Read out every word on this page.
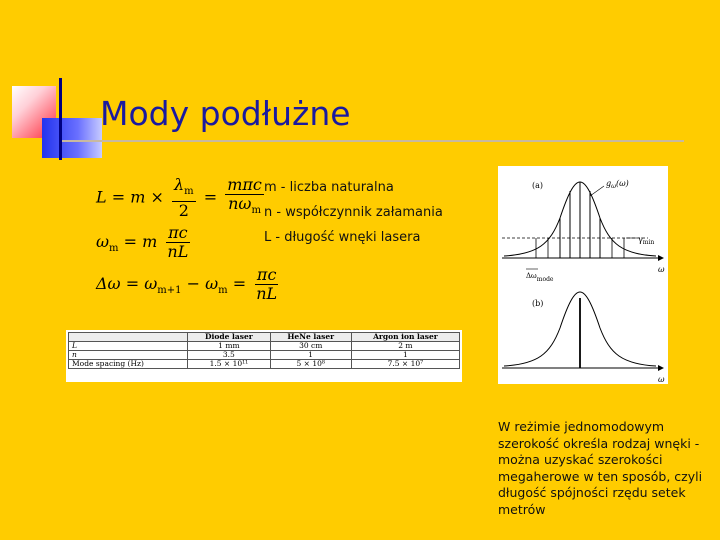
Mody podłużne
$L = m \times \frac{\lambda_m}{2} = \frac{\text{mπc}}{n\omega_m}$
$\omega_m = m \frac{\pi c}{nL}$
$\Delta\omega = \omega_{m+1} - \omega_m = \frac{\pi c}{nL}$
m - liczba naturalna
n - współczynnik załamania
L - długość wnęki lasera
	Diode laser	HeNe laser	Argon ion laser
L	1 mm	30 cm	2 m
n	3.5	1	1
Mode spacing (Hz)	1.5 × 10¹¹	5 × 10⁸	7.5 × 10⁷
(a)	$g_\omega(\omega)$
$\gamma_{min}$
Δωmode
ω
(b)
ω

W reżimie jednomodowym szerokość określa rodzaj wnęki - można uzyskać szerokości megaherowe w ten sposób, czyli długość spójności rzędu setek metrów
